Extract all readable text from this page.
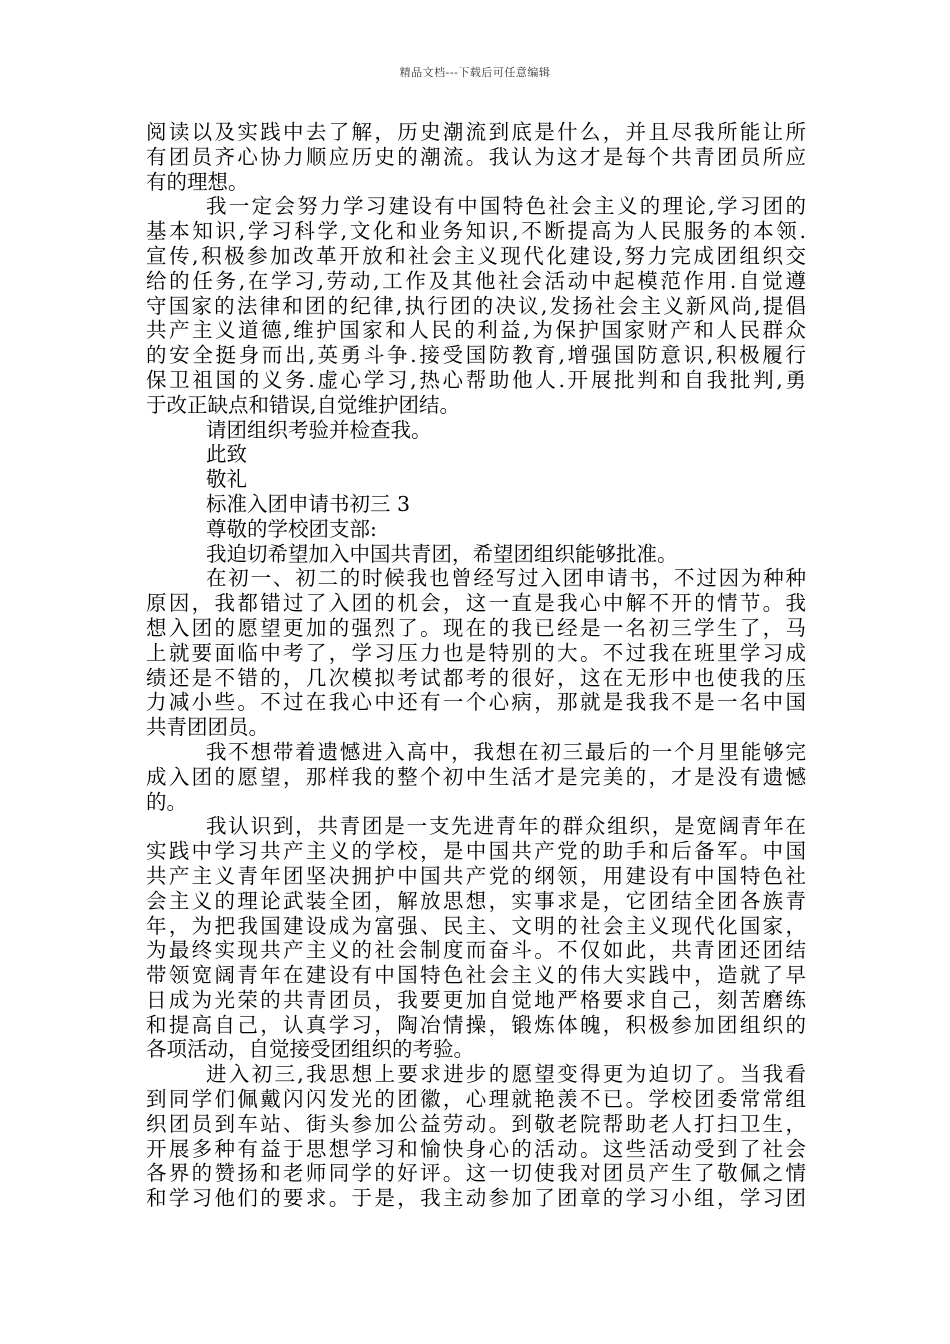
精品文档---下载后可任意编辑
阅读以及实践中去了解，历史潮流到底是什么，并且尽我所能让所
有团员齐心协力顺应历史的潮流。我认为这才是每个共青团员所应
有的理想。
我一定会努力学习建设有中国特色社会主义的理论,学习团的
基本知识,学习科学,文化和业务知识,不断提高为人民服务的本领.
宣传,积极参加改革开放和社会主义现代化建设,努力完成团组织交
给的任务,在学习,劳动,工作及其他社会活动中起模范作用.自觉遵
守国家的法律和团的纪律,执行团的决议,发扬社会主义新风尚,提倡
共产主义道德,维护国家和人民的利益,为保护国家财产和人民群众
的安全挺身而出,英勇斗争.接受国防教育,增强国防意识,积极履行
保卫祖国的义务.虚心学习,热心帮助他人.开展批判和自我批判,勇
于改正缺点和错误,自觉维护团结。
请团组织考验并检查我。
此致
敬礼
标准入团申请书初三 3
尊敬的学校团支部:
我迫切希望加入中国共青团，希望团组织能够批准。
在初一、初二的时候我也曾经写过入团申请书，不过因为种种
原因，我都错过了入团的机会，这一直是我心中解不开的情节。我
想入团的愿望更加的强烈了。现在的我已经是一名初三学生了，马
上就要面临中考了，学习压力也是特别的大。不过我在班里学习成
绩还是不错的，几次模拟考试都考的很好，这在无形中也使我的压
力减小些。不过在我心中还有一个心病，那就是我我不是一名中国
共青团团员。
我不想带着遗憾进入高中，我想在初三最后的一个月里能够完
成入团的愿望，那样我的整个初中生活才是完美的，才是没有遗憾
的。
我认识到，共青团是一支先进青年的群众组织，是宽阔青年在
实践中学习共产主义的学校，是中国共产党的助手和后备军。中国
共产主义青年团坚决拥护中国共产党的纲领，用建设有中国特色社
会主义的理论武装全团，解放思想，实事求是，它团结全团各族青
年，为把我国建设成为富强、民主、文明的社会主义现代化国家，
为最终实现共产主义的社会制度而奋斗。不仅如此，共青团还团结
带领宽阔青年在建设有中国特色社会主义的伟大实践中，造就了早
日成为光荣的共青团员，我要更加自觉地严格要求自己，刻苦磨练
和提高自己，认真学习，陶冶情操，锻炼体魄，积极参加团组织的
各项活动，自觉接受团组织的考验。
进入初三,我思想上要求进步的愿望变得更为迫切了。当我看
到同学们佩戴闪闪发光的团徽，心理就艳羡不已。学校团委常常组
织团员到车站、街头参加公益劳动。到敬老院帮助老人打扫卫生，
开展多种有益于思想学习和愉快身心的活动。这些活动受到了社会
各界的赞扬和老师同学的好评。这一切使我对团员产生了敬佩之情
和学习他们的要求。于是，我主动参加了团章的学习小组，学习团
